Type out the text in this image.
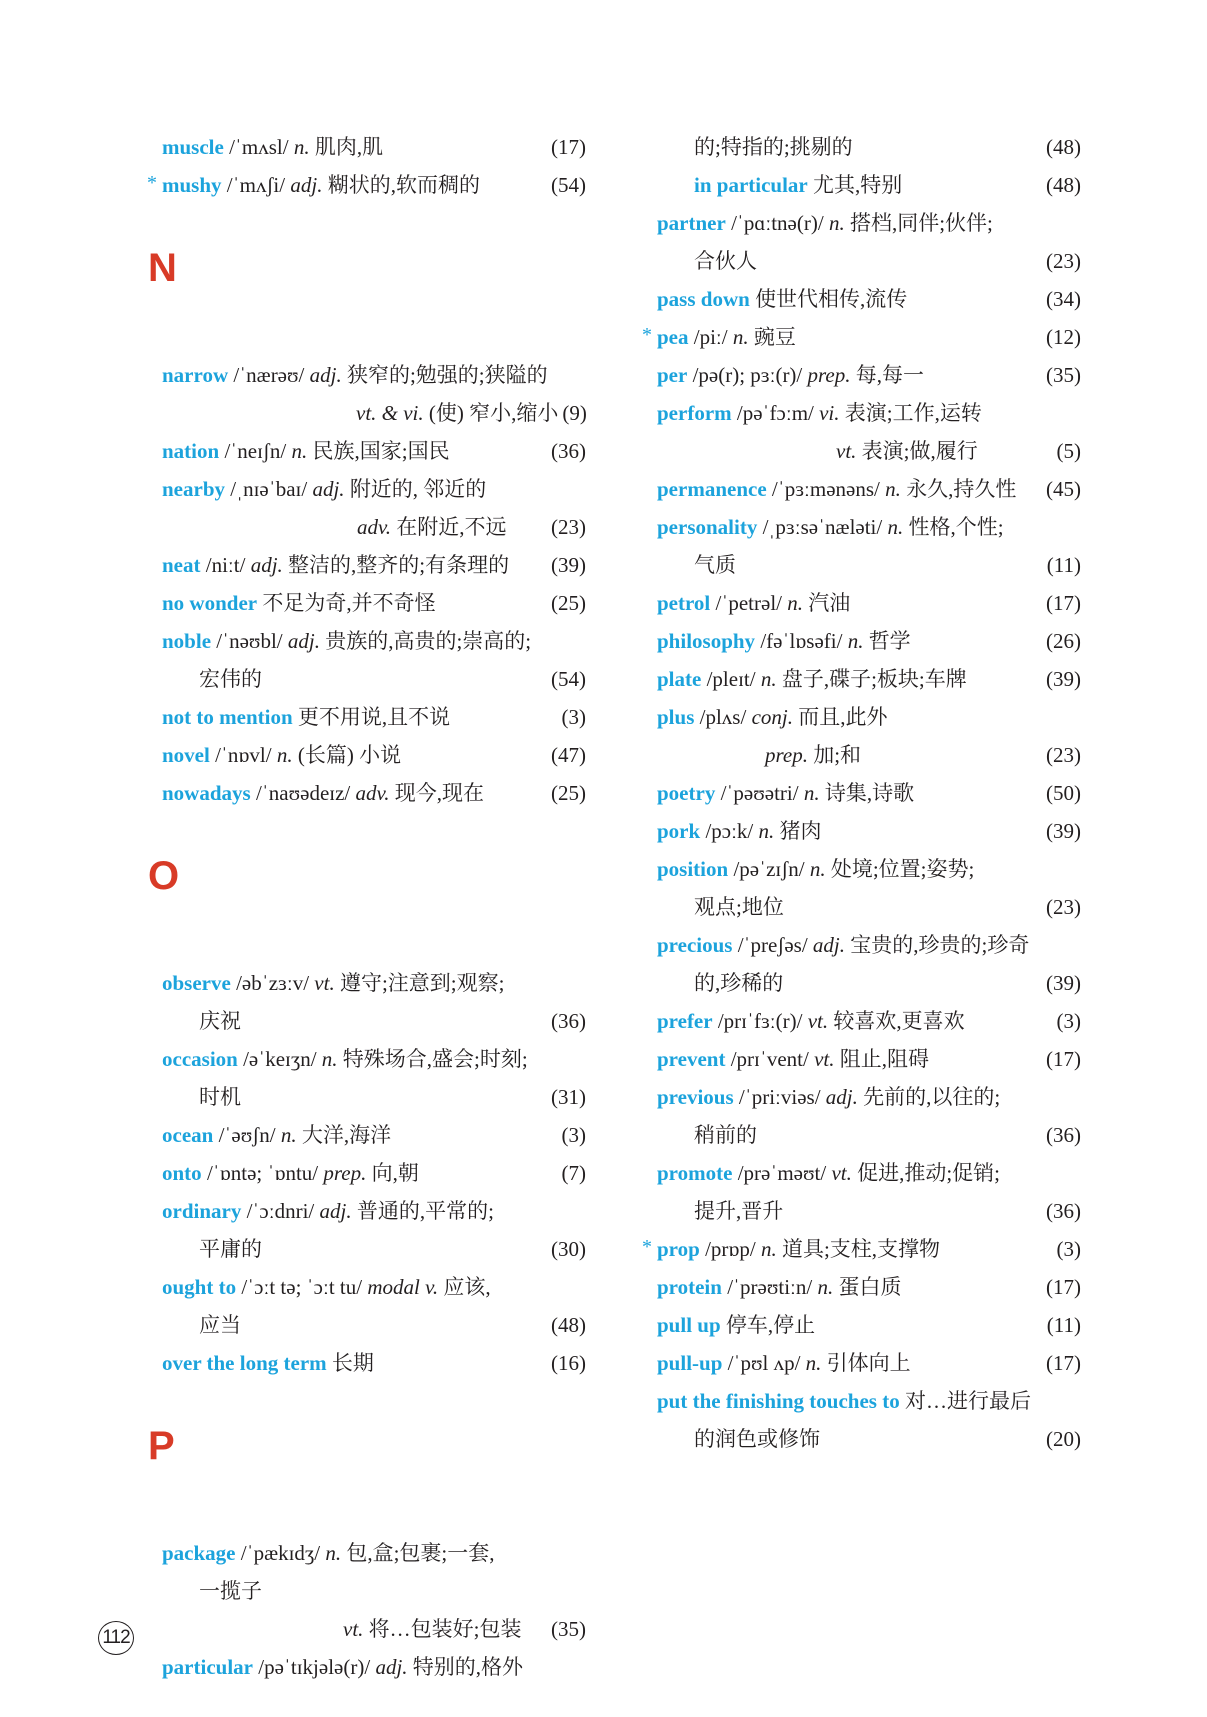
muscle /ˈmʌsl/ n. 肌肉,肌	(17)
* mushy /ˈmʌʃi/ adj. 糊状的,软而稠的	(54)
N
narrow /ˈnærəʊ/ adj. 狭窄的;勉强的;狭隘的
vt. & vi. (使) 窄小,缩小 (9)
nation /ˈneɪʃn/ n. 民族,国家;国民	(36)
nearby /ˌnɪəˈbaɪ/ adj. 附近的, 邻近的
adv. 在附近,不远 (23)
neat /niːt/ adj. 整洁的,整齐的;有条理的 (39)
no wonder 不足为奇,并不奇怪	(25)
noble /ˈnəʊbl/ adj. 贵族的,高贵的;崇高的;
宏伟的	(54)
not to mention 更不用说,且不说	(3)
novel /ˈnɒvl/ n. (长篇) 小说	(47)
nowadays /ˈnaʊədeɪz/ adv. 现今,现在	(25)
O
observe /əbˈzɜːv/ vt. 遵守;注意到;观察;
庆祝	(36)
occasion /əˈkeɪʒn/ n. 特殊场合,盛会;时刻;
时机	(31)
ocean /ˈəʊʃn/ n. 大洋,海洋	(3)
onto /ˈɒntə; ˈɒntu/ prep. 向,朝	(7)
ordinary /ˈɔːdnri/ adj. 普通的,平常的;
平庸的	(30)
ought to /ˈɔːt tə; ˈɔːt tu/ modal v. 应该,
应当	(48)
over the long term 长期	(16)
P
package /ˈpækɪdʒ/ n. 包,盒;包裹;一套,
一揽子
vt. 将…包装好;包装 (35)
particular /pəˈtɪkjələ(r)/ adj. 特别的,格外
的;特指的;挑剔的	(48)
in particular 尤其,特别	(48)
partner /ˈpɑːtnə(r)/ n. 搭档,同伴;伙伴;
合伙人	(23)
pass down 使世代相传,流传	(34)
* pea /piː/ n. 豌豆	(12)
per /pə(r); pɜː(r)/ prep. 每,每一	(35)
perform /pəˈfɔːm/ vi. 表演;工作,运转
vt. 表演;做,履行	(5)
permanence /ˈpɜːmənəns/ n. 永久,持久性 (45)
personality /ˌpɜːsəˈnæləti/ n. 性格,个性;
气质	(11)
petrol /ˈpetrəl/ n. 汽油	(17)
philosophy /fəˈlɒsəfi/ n. 哲学	(26)
plate /pleɪt/ n. 盘子,碟子;板块;车牌	(39)
plus /plʌs/ conj. 而且,此外
prep. 加;和	(23)
poetry /ˈpəʊətri/ n. 诗集,诗歌	(50)
pork /pɔːk/ n. 猪肉	(39)
position /pəˈzɪʃn/ n. 处境;位置;姿势;
观点;地位	(23)
precious /ˈpreʃəs/ adj. 宝贵的,珍贵的;珍奇
的,珍稀的	(39)
prefer /prɪˈfɜː(r)/ vt. 较喜欢,更喜欢	(3)
prevent /prɪˈvent/ vt. 阻止,阻碍	(17)
previous /ˈpriːviəs/ adj. 先前的,以往的;
稍前的	(36)
promote /prəˈməʊt/ vt. 促进,推动;促销;
提升,晋升	(36)
* prop /prɒp/ n. 道具;支柱,支撑物	(3)
protein /ˈprəʊtiːn/ n. 蛋白质	(17)
pull up 停车,停止	(11)
pull-up /ˈpʊl ʌp/ n. 引体向上	(17)
put the finishing touches to 对…进行最后
的润色或修饰	(20)
112
